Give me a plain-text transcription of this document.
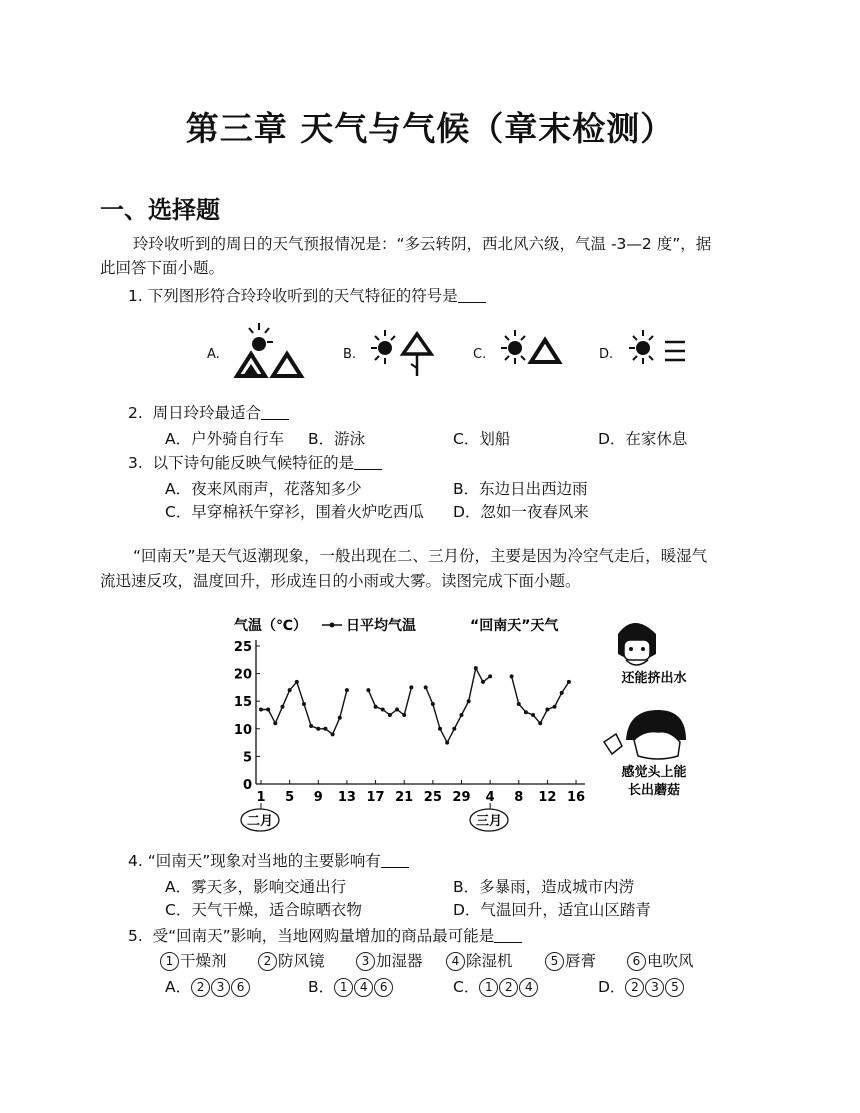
第三章 天气与气候（章末检测）
一、选择题
玲玲收听到的周日的天气预报情况是：“多云转阴，西北风六级，气温 -3—2 度”，据
此回答下面小题。
1. 下列图形符合玲玲收听到的天气特征的符号是
A.	B.	C.	D.
2. 周日玲玲最适合
A．户外骑自行车 B．游泳	C．划船	D．在家休息
3. 以下诗句能反映气候特征的是
A．夜来风雨声，花落知多少	B．东边日出西边雨
C．早穿棉袄午穿衫，围着火炉吃西瓜 D．忽如一夜春风来
“回南天”是天气返潮现象，一般出现在二、三月份，主要是因为冷空气走后，暖湿气
流迅速反攻，温度回升，形成连日的小雨或大雾。读图完成下面小题。
气温（℃）	日平均气温	“回南天”天气
0
5
10
15
20
25
1 5 9 13 17 21 25 29 4 8 12 16
二月	三月
还能挤出水
感觉头上能
长出蘑菇
4. “回南天”现象对当地的主要影响有
A．雾天多，影响交通出行	B．多暴雨，造成城市内涝
C．天气干燥，适合晾晒衣物	D．气温回升，适宜山区踏青
5. 受“回南天”影响，当地网购量增加的商品最可能是
1 干燥剂	2 防风镜	3 加湿器	4 除湿机	5 唇膏	6 电吹风
A． 2 3 6	B． 1 4 6	C． 1 2 4	D． 2 3 5
